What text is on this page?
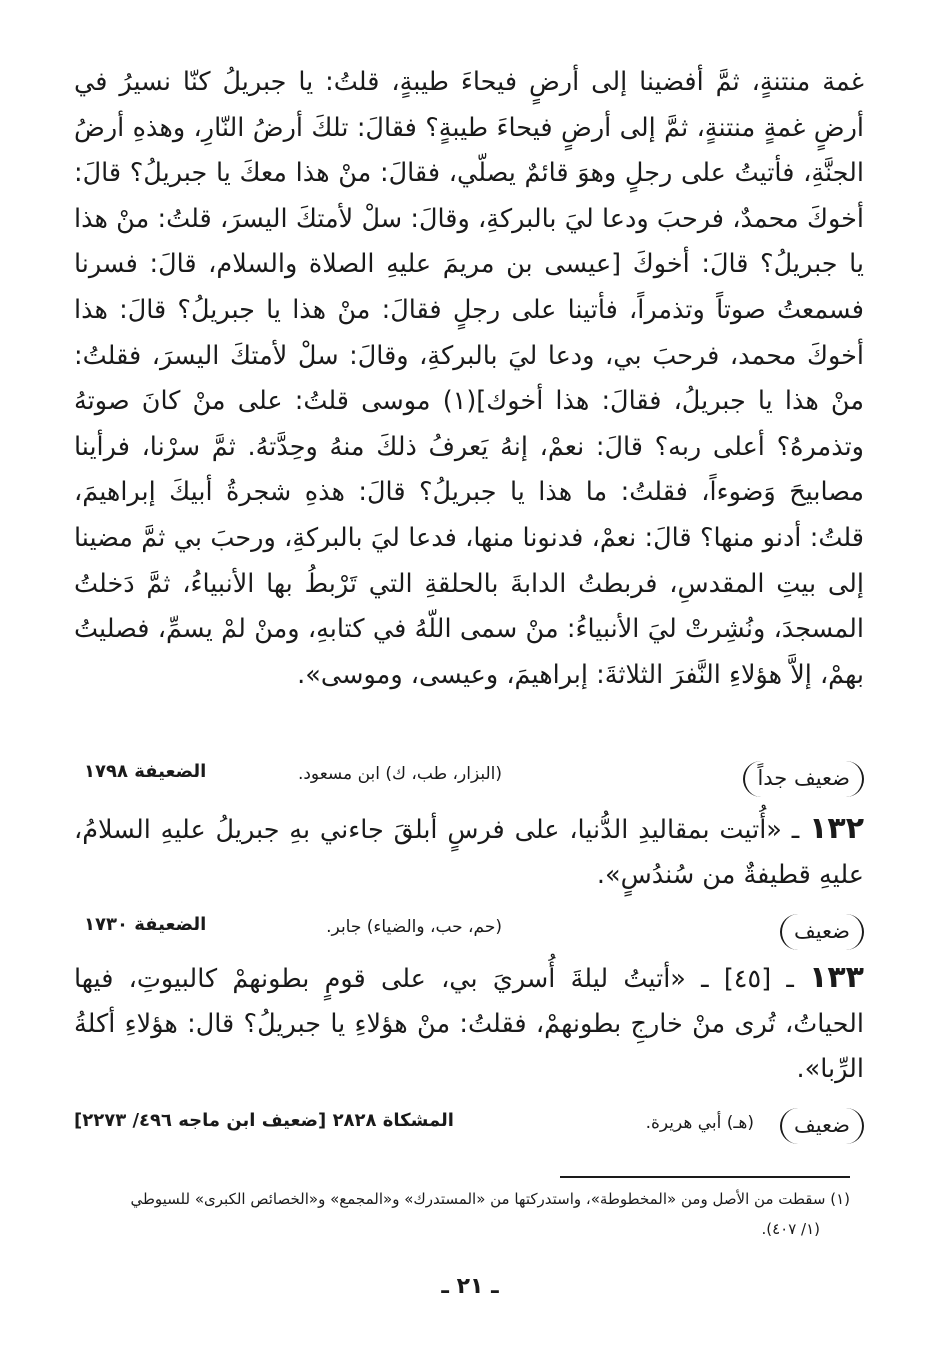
غمة منتنةٍ، ثمَّ أفضينا إلى أرضٍ فيحاءَ طيبةٍ، قلتُ: يا جبريلُ كنّا نسيرُ في أرضٍ غمةٍ منتنةٍ، ثمَّ إلى أرضٍ فيحاءَ طيبةٍ؟ فقالَ: تلكَ أرضُ النّارِ، وهذهِ أرضُ الجنَّةِ، فأتيتُ على رجلٍ وهوَ قائمٌ يصلّي، فقالَ: منْ هذا معكَ يا جبريلُ؟ قالَ: أخوكَ محمدٌ، فرحبَ ودعا ليَ بالبركةِ، وقالَ: سلْ لأمتكَ اليسرَ، قلتُ: منْ هذا يا جبريلُ؟ قالَ: أخوكَ [عيسى بن مريمَ عليهِ الصلاة والسلام، قالَ: فسرنا فسمعتُ صوتاً وتذمراً، فأتينا على رجلٍ فقالَ: منْ هذا يا جبريلُ؟ قالَ: هذا أخوكَ محمد، فرحبَ بي، ودعا ليَ بالبركةِ، وقالَ: سلْ لأمتكَ اليسرَ، فقلتُ: منْ هذا يا جبريلُ، فقالَ: هذا أخوك](١) موسى قلتُ: على منْ كانَ صوتهُ وتذمرهُ؟ أعلى ربه؟ قالَ: نعمْ، إنهُ يَعرفُ ذلكَ منهُ وحِدَّتهُ. ثمَّ سرْنا، فرأينا مصابيحَ وَضوءاً، فقلتُ: ما هذا يا جبريلُ؟ قالَ: هذهِ شجرةُ أبيكَ إبراهيمَ، قلتُ: أدنو منها؟ قالَ: نعمْ، فدنونا منها، فدعا ليَ بالبركةِ، ورحبَ بي ثمَّ مضينا إلى بيتِ المقدسِ، فربطتُ الدابةَ بالحلقةِ التي تَرْبطُ بها الأنبياءُ، ثمَّ دَخلتُ المسجدَ، ونُشِرتْ ليَ الأنبياءُ: منْ سمى اللّهُ في كتابهِ، ومنْ لمْ يسمِّ، فصليتُ بهمْ، إلاَّ هؤلاءِ النَّفرَ الثلاثةَ: إبراهيمَ، وعيسى، وموسى».

ضعيف جداً
(البزار، طب، ك) ابن مسعود.
الضعيفة ١٧٩٨

١٣٢ ـ «أُتيت بمقاليدِ الدُّنيا، على فرسٍ أبلقَ جاءني بهِ جبريلُ عليهِ السلامُ، عليهِ قطيفةٌ من سُندُسٍ».

ضعيف
(حم، حب، والضياء) جابر.
الضعيفة ١٧٣٠

١٣٣ ـ [٤٥] ـ «أتيتُ ليلةَ أُسريَ بي، على قومٍ بطونهمْ كالبيوتِ، فيها الحياتُ، تُرى منْ خارجِ بطونهمْ، فقلتُ: منْ هؤلاءِ يا جبريلُ؟ قال: هؤلاءِ أكلةُ الرِّبا».

ضعيف
(هـ) أبي هريرة.
المشكاة ٢٨٢٨ [ضعيف ابن ماجه ٤٩٦/ ٢٢٧٣]
(١) سقطت من الأصل ومن «المخطوطة»، واستدركتها من «المستدرك» و«المجمع» و«الخصائص الكبرى» للسيوطي
(١/ ٤٠٧).
ـ ٢١ ـ
